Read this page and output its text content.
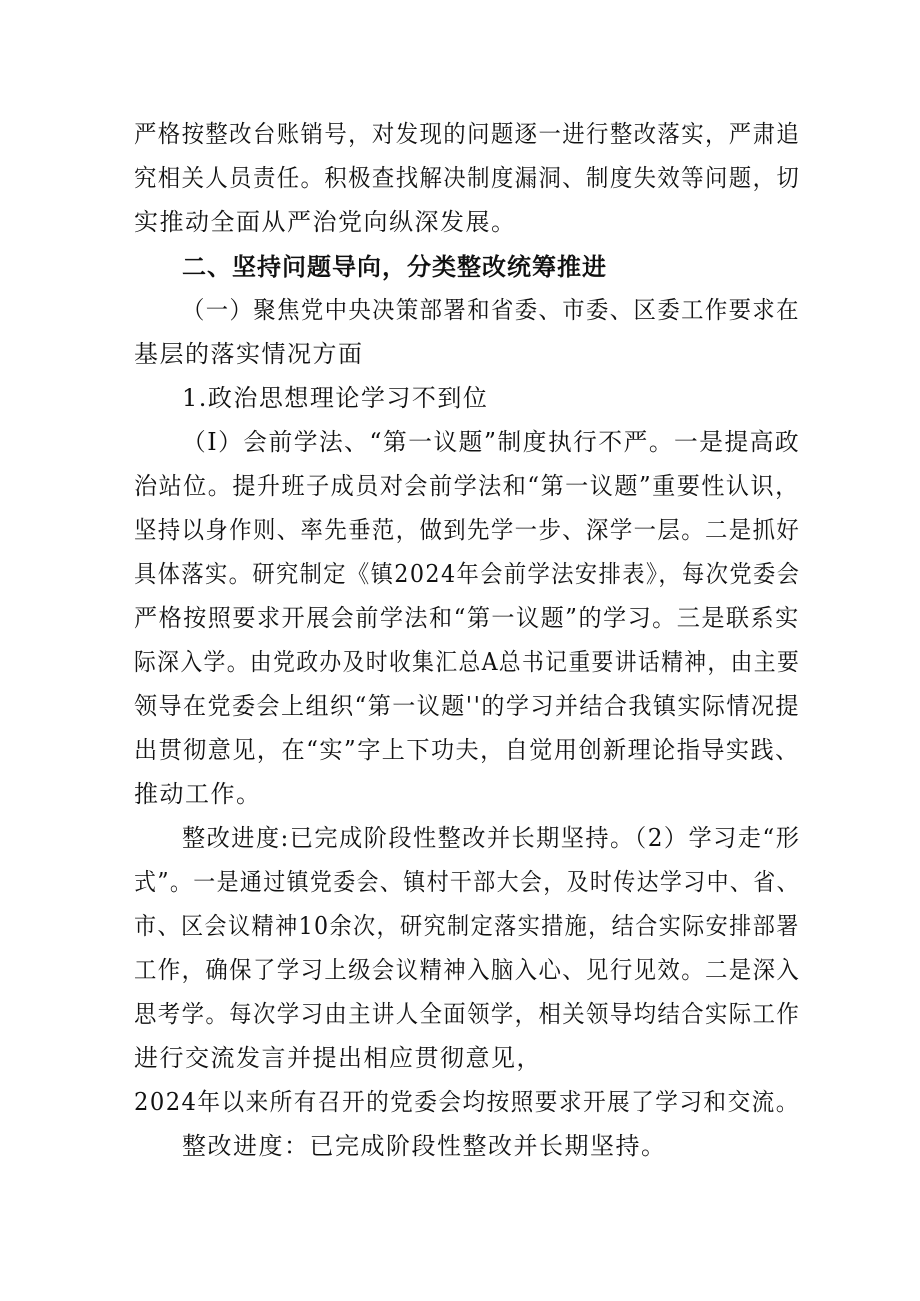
严格按整改台账销号，对发现的问题逐一进行整改落实，严肃追
究相关人员责任。积极查找解决制度漏洞、制度失效等问题，切
实推动全面从严治党向纵深发展。
二、坚持问题导向，分类整改统筹推进
（一）聚焦党中央决策部署和省委、市委、区委工作要求在
基层的落实情况方面
1.政治思想理论学习不到位
（I）会前学法、“第一议题”制度执行不严。一是提高政
治站位。提升班子成员对会前学法和“第一议题”重要性认识，
坚持以身作则、率先垂范，做到先学一步、深学一层。二是抓好
具体落实。研究制定《镇2024年会前学法安排表》，每次党委会
严格按照要求开展会前学法和“第一议题”的学习。三是联系实
际深入学。由党政办及时收集汇总A总书记重要讲话精神，由主要
领导在党委会上组织“第一议题''的学习并结合我镇实际情况提
出贯彻意见，在“实”字上下功夫，自觉用创新理论指导实践、
推动工作。
整改进度:已完成阶段性整改并长期坚持。（2）学习走“形
式”。一是通过镇党委会、镇村干部大会，及时传达学习中、省、
市、区会议精神10余次，研究制定落实措施，结合实际安排部署
工作，确保了学习上级会议精神入脑入心、见行见效。二是深入
思考学。每次学习由主讲人全面领学，相关领导均结合实际工作
进行交流发言并提出相应贯彻意见，
2024年以来所有召开的党委会均按照要求开展了学习和交流。
整改进度：已完成阶段性整改并长期坚持。
